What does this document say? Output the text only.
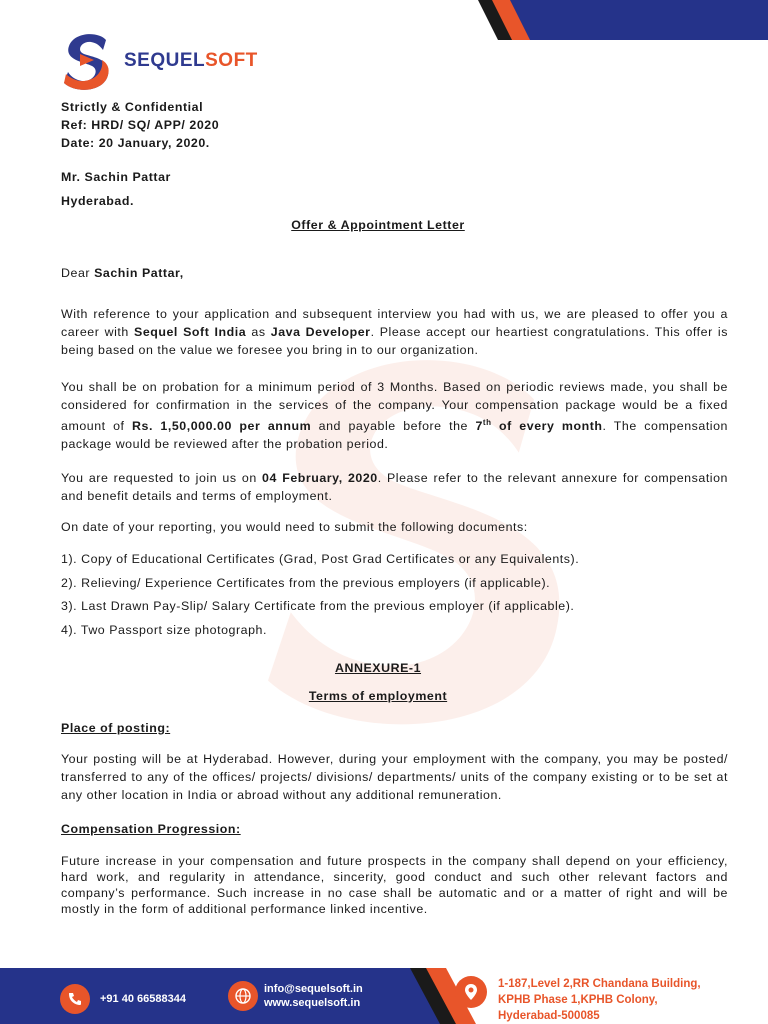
SEQUELSOFT
Strictly & Confidential
Ref: HRD/ SQ/ APP/ 2020
Date: 20 January, 2020.
Mr. Sachin Pattar
Hyderabad.
Offer & Appointment Letter
Dear Sachin Pattar,
With reference to your application and subsequent interview you had with us, we are pleased to offer you a career with Sequel Soft India as Java Developer. Please accept our heartiest congratulations. This offer is being based on the value we foresee you bring in to our organization.
You shall be on probation for a minimum period of 3 Months. Based on periodic reviews made, you shall be considered for confirmation in the services of the company. Your compensation package would be a fixed amount of Rs. 1,50,000.00 per annum and payable before the 7th of every month. The compensation package would be reviewed after the probation period.
You are requested to join us on 04 February, 2020. Please refer to the relevant annexure for compensation and benefit details and terms of employment.
On date of your reporting, you would need to submit the following documents:
1). Copy of Educational Certificates (Grad, Post Grad Certificates or any Equivalents).
2). Relieving/ Experience Certificates from the previous employers (if applicable).
3). Last Drawn Pay-Slip/ Salary Certificate from the previous employer (if applicable).
4). Two Passport size photograph.
ANNEXURE-1
Terms of employment
Place of posting:
Your posting will be at Hyderabad. However, during your employment with the company, you may be posted/ transferred to any of the offices/ projects/ divisions/ departments/ units of the company existing or to be set at any other location in India or abroad without any additional remuneration.
Compensation Progression:
Future increase in your compensation and future prospects in the company shall depend on your efficiency, hard work, and regularity in attendance, sincerity, good conduct and such other relevant factors and company’s performance. Such increase in no case shall be automatic and or a matter of right and will be mostly in the form of additional performance linked incentive.
+91 40 66588344
info@sequelsoft.in
www.sequelsoft.in
1-187,Level 2,RR Chandana Building,
KPHB Phase 1,KPHB Colony,
Hyderabad-500085
